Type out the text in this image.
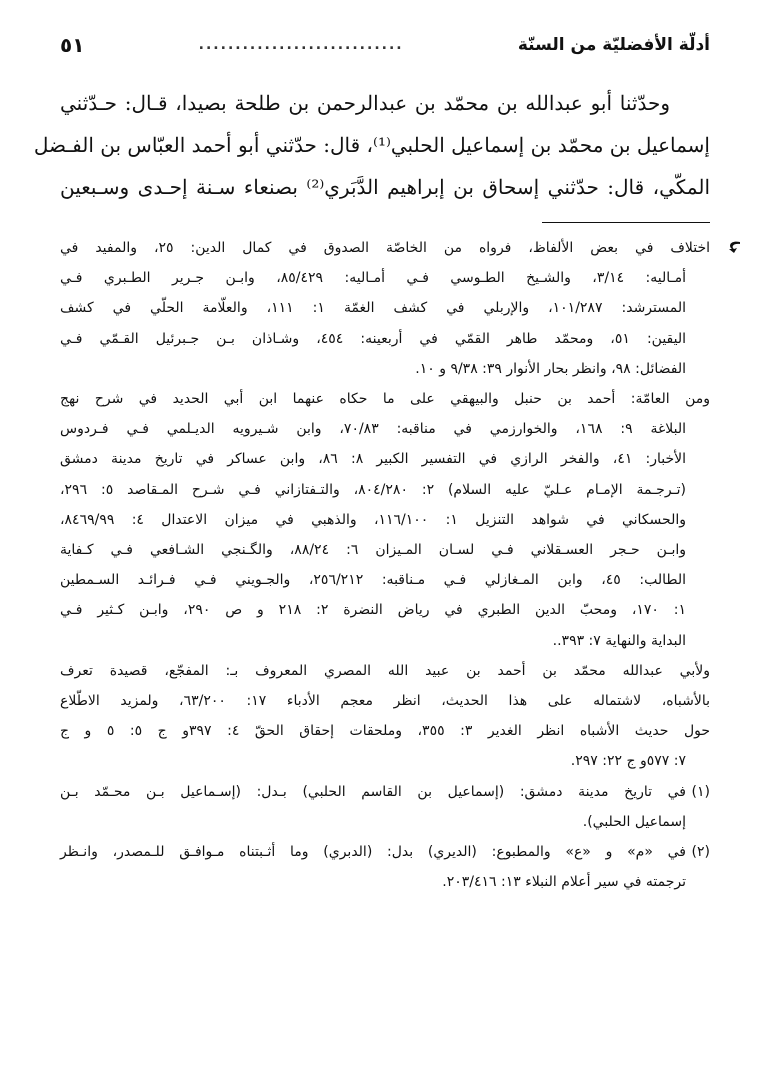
أدلّة الأفضليّة من السنّة
............................
٥١
وحدّثنا أبو عبدالله بن محمّد بن عبدالرحمن بن طلحة بصيدا، قـال: حـدّثني
إسماعيل بن محمّد بن إسماعيل الحلبي⁽¹⁾، قال: حدّثني أبو أحمد العبّاس بن الفـضل
المكّي، قال: حدّثني إسحاق بن إبراهيم الدَّبَري⁽²⁾ بصنعاء سـنة إحـدى وسـبعين
اختلاف في بعض الألفاظ، فرواه من الخاصّة الصدوق في كمال الدين: ٢٥، والمفيد في
أمـاليه: ٣/١٤، والشـيخ الطـوسي فـي أمـاليه: ٨٥/٤٢٩، وابـن جـرير الطـبري فـي
المسترشد: ١٠١/٢٨٧، والإربلي في كشف الغمّة ١: ١١١، والعلّامة الحلّي في كشف
اليقين: ٥١، ومحمّد طاهر القمّي في أربعينه: ٤٥٤، وشـاذان بـن جـبرئيل القـمّي فـي
الفضائل: ٩٨، وانظر بحار الأنوار ٣٩: ٩/٣٨ و ١٠.
ومن العامّة: أحمد بن حنبل والبيهقي على ما حكاه عنهما ابن أبي الحديد في شرح نهج
البلاغة ٩: ١٦٨، والخوارزمي في مناقبه: ٧٠/٨٣، وابن شـيرويه الديـلمي فـي فـردوس
الأخبار: ٤١، والفخر الرازي في التفسير الكبير ٨: ٨٦، وابن عساكر في تاريخ مدينة دمشق
(تـرجـمة الإمـام عـليّ عليه السلام) ٢: ٨٠٤/٢٨٠، والتـفتازاني فـي شـرح المـقاصد ٥: ٢٩٦،
والحسكاني في شواهد التنزيل ١: ١١٦/١٠٠، والذهبي في ميزان الاعتدال ٤: ٨٤٦٩/٩٩،
وابـن حـجر العسـقلاني فـي لسـان المـيزان ٦: ٨٨/٢٤، والگـنجي الشـافعي فـي كـفاية
الطالب: ٤٥، وابن المـغازلي فـي مـناقبه: ٢٥٦/٢١٢، والجـويني فـي فـرائـد السـمطين
١: ١٧٠، ومحبّ الدين الطبري في رياض النضرة ٢: ٢١٨ و ص ٢٩٠، وابـن كـثير فـي
البداية والنهاية ٧: ٣٩٣..
ولأبي عبدالله محمّد بن أحمد بن عبيد الله المصري المعروف بـ: المفجّع، قصيدة تعرف
بالأشباه، لاشتماله على هذا الحديث، انظر معجم الأدباء ١٧: ٦٣/٢٠٠، ولمزيد الاطّلاع
حول حديث الأشباه انظر الغدير ٣: ٣٥٥، وملحقات إحقاق الحقّ ٤: ٣٩٧و ج ٥: ٥ و ج
٧: ٥٧٧و ج ٢٢: ٢٩٧.
(١)في تاريخ مدينة دمشق: (إسماعيل بن القاسم الحلبي) بـدل: (إسـماعيل بـن محـمّد بـن
إسماعيل الحلبي).
(٢)في «م» و «ع» والمطبوع: (الديري) بدل: (الدبري) وما أثـبتناه مـوافـق للـمصدر، وانـظر
ترجمته في سير أعلام النبلاء ١٣: ٢٠٣/٤١٦.
